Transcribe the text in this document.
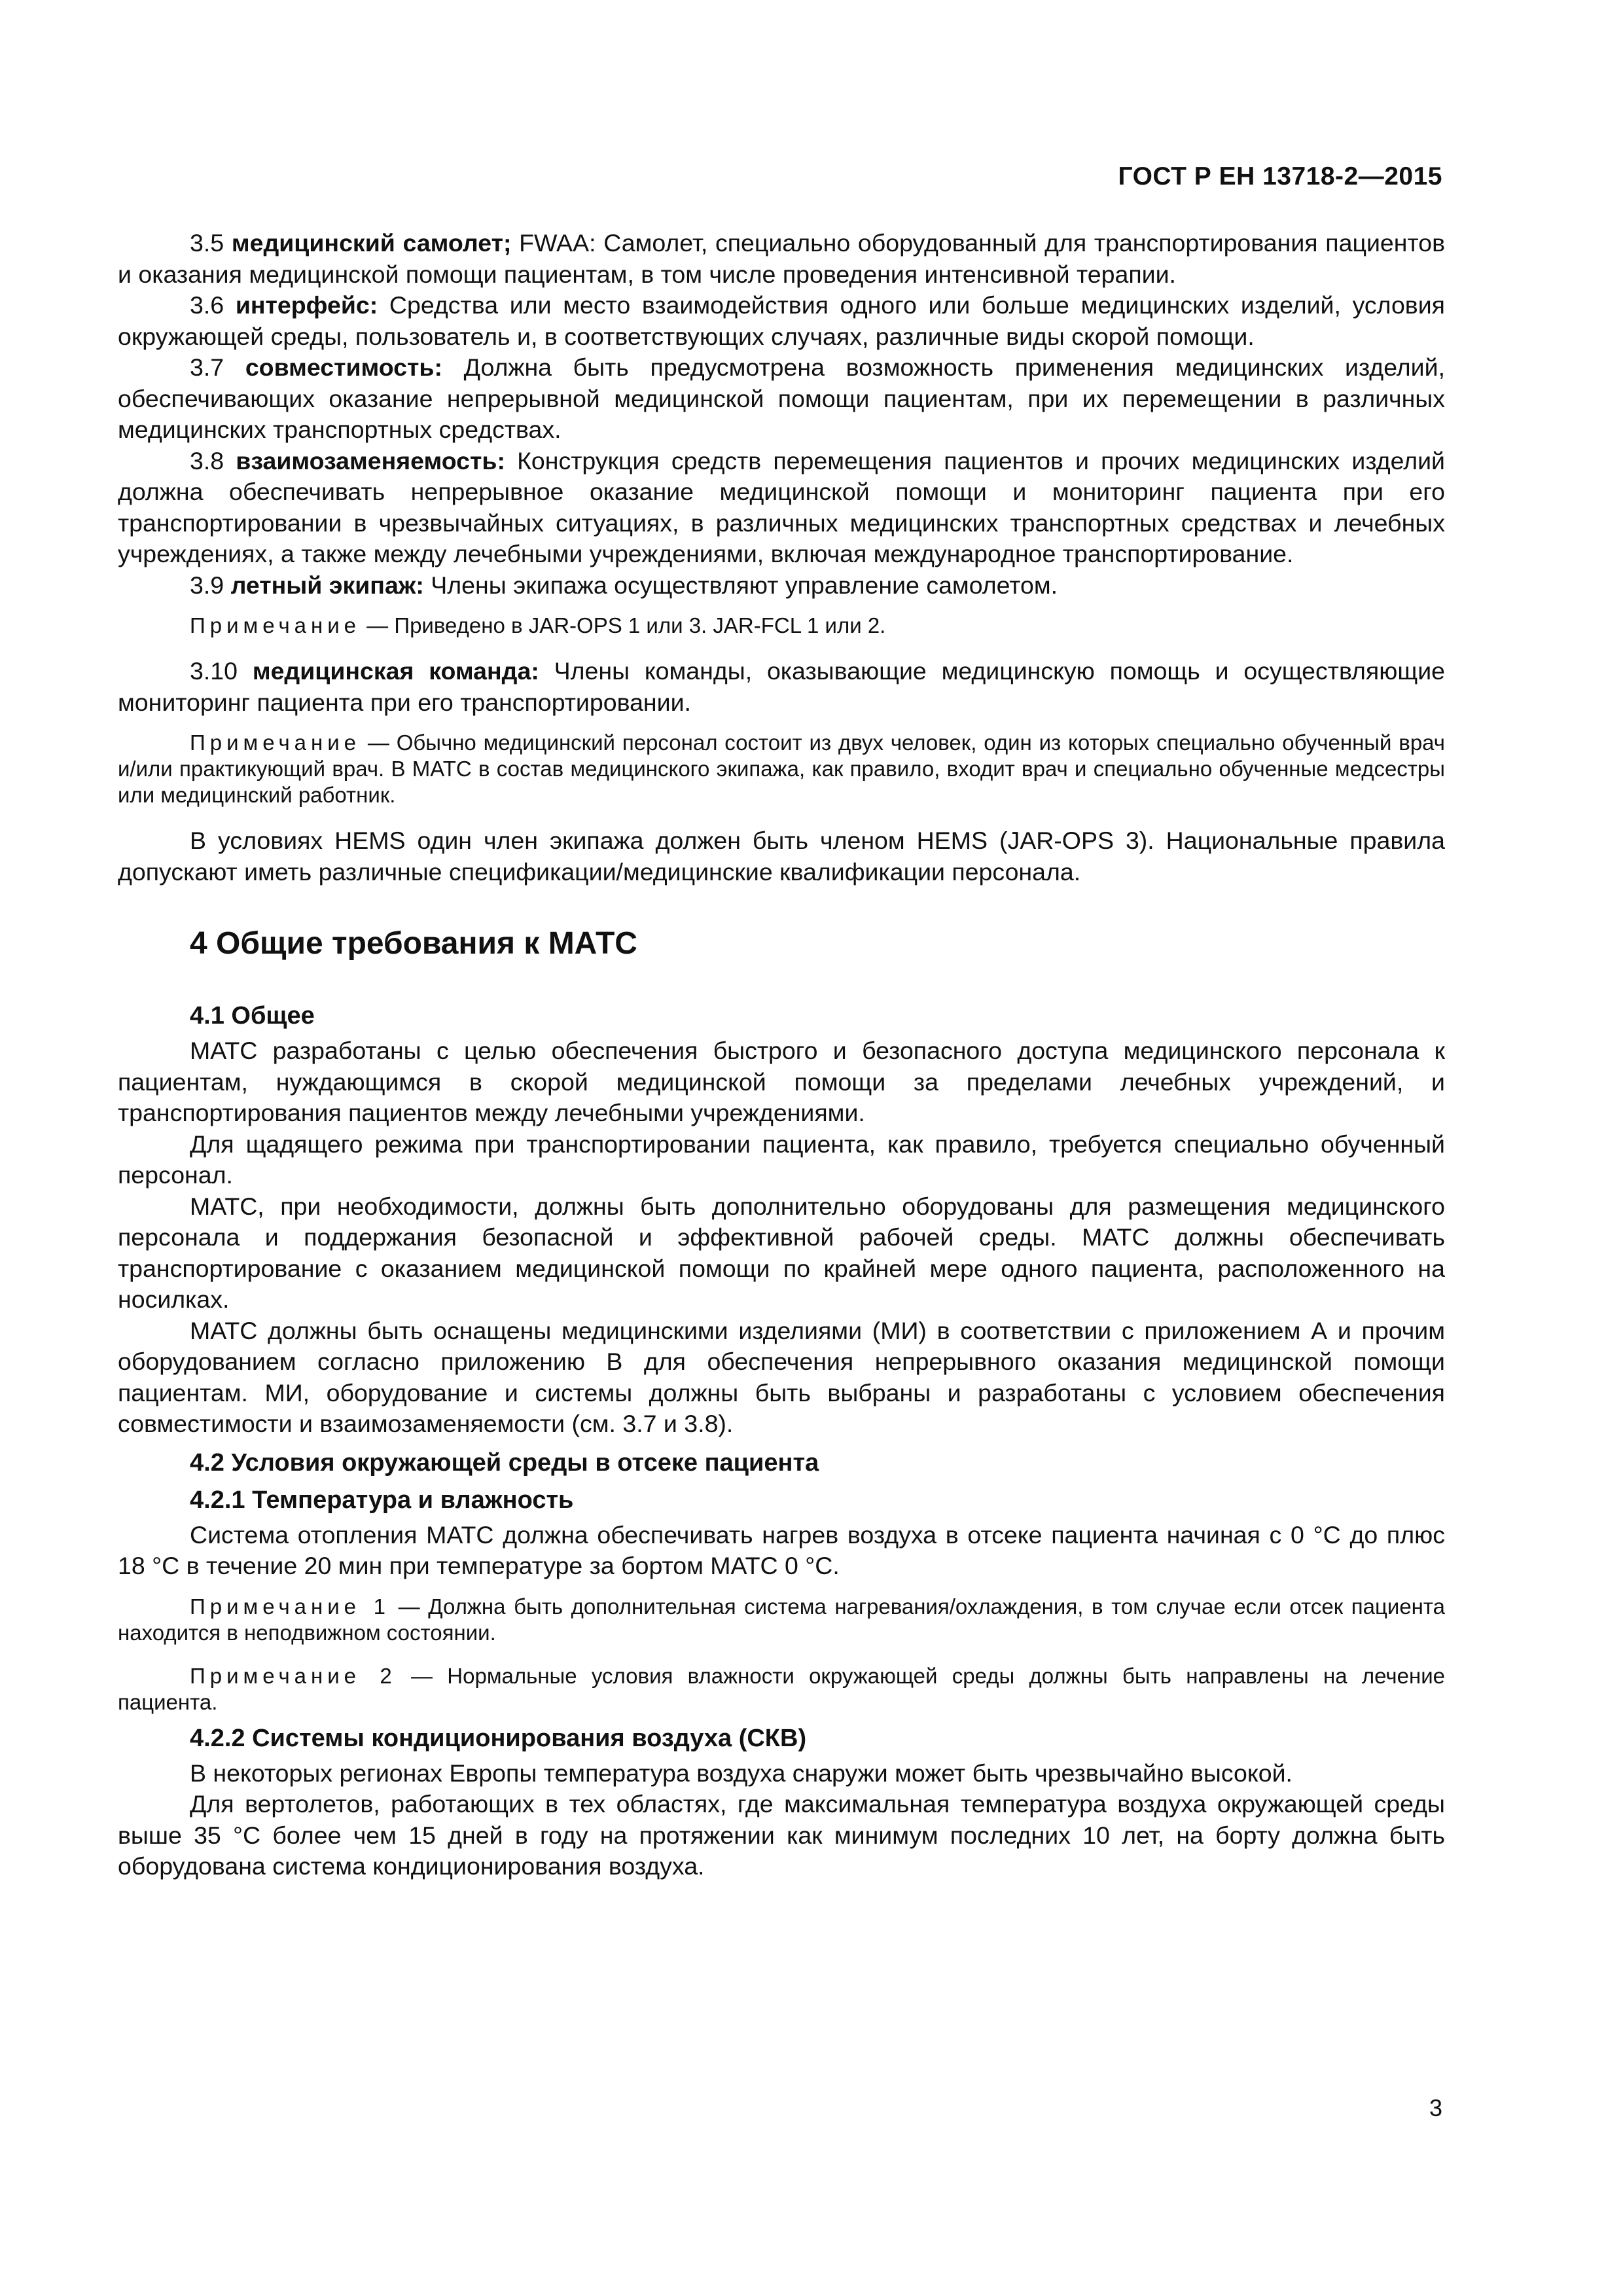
ГОСТ Р ЕН 13718-2—2015

3.5 медицинский самолет; FWAA: Самолет, специально оборудованный для транспортирования пациентов и оказания медицинской помощи пациентам, в том числе проведения интенсивной терапии.

3.6 интерфейс: Средства или место взаимодействия одного или больше медицинских изделий, условия окружающей среды, пользователь и, в соответствующих случаях, различные виды скорой помощи.

3.7 совместимость: Должна быть предусмотрена возможность применения медицинских изделий, обеспечивающих оказание непрерывной медицинской помощи пациентам, при их перемещении в различных медицинских транспортных средствах.

3.8 взаимозаменяемость: Конструкция средств перемещения пациентов и прочих медицинских изделий должна обеспечивать непрерывное оказание медицинской помощи и мониторинг пациента при его транспортировании в чрезвычайных ситуациях, в различных медицинских транспортных средствах и лечебных учреждениях, а также между лечебными учреждениями, включая международное транспортирование.

3.9 летный экипаж: Члены экипажа осуществляют управление самолетом.

Примечание — Приведено в JAR-OPS 1 или 3. JAR-FCL 1 или 2.

3.10 медицинская команда: Члены команды, оказывающие медицинскую помощь и осуществляющие мониторинг пациента при его транспортировании.

Примечание — Обычно медицинский персонал состоит из двух человек, один из которых специально обученный врач и/или практикующий врач. В МАТС в состав медицинского экипажа, как правило, входит врач и специально обученные медсестры или медицинский работник.

В условиях HEMS один член экипажа должен быть членом HEMS (JAR-OPS 3). Национальные правила допускают иметь различные спецификации/медицинские квалификации персонала.

4 Общие требования к МАТС
4.1 Общее

МАТС разработаны с целью обеспечения быстрого и безопасного доступа медицинского персонала к пациентам, нуждающимся в скорой медицинской помощи за пределами лечебных учреждений, и транспортирования пациентов между лечебными учреждениями.

Для щадящего режима при транспортировании пациента, как правило, требуется специально обученный персонал.

МАТС, при необходимости, должны быть дополнительно оборудованы для размещения медицинского персонала и поддержания безопасной и эффективной рабочей среды. МАТС должны обеспечивать транспортирование с оказанием медицинской помощи по крайней мере одного пациента, расположенного на носилках.

МАТС должны быть оснащены медицинскими изделиями (МИ) в соответствии с приложением А и прочим оборудованием согласно приложению В для обеспечения непрерывного оказания медицинской помощи пациентам. МИ, оборудование и системы должны быть выбраны и разработаны с условием обеспечения совместимости и взаимозаменяемости (см. 3.7 и 3.8).

4.2 Условия окружающей среды в отсеке пациента
4.2.1 Температура и влажность

Система отопления МАТС должна обеспечивать нагрев воздуха в отсеке пациента начиная с 0 °С до плюс 18 °С в течение 20 мин при температуре за бортом МАТС 0 °С.

Примечание 1 — Должна быть дополнительная система нагревания/охлаждения, в том случае если отсек пациента находится в неподвижном состоянии.

Примечание 2 — Нормальные условия влажности окружающей среды должны быть направлены на лечение пациента.

4.2.2 Системы кондиционирования воздуха (СКВ)

В некоторых регионах Европы температура воздуха снаружи может быть чрезвычайно высокой.

Для вертолетов, работающих в тех областях, где максимальная температура воздуха окружающей среды выше 35 °С более чем 15 дней в году на протяжении как минимум последних 10 лет, на борту должна быть оборудована система кондиционирования воздуха.

3
